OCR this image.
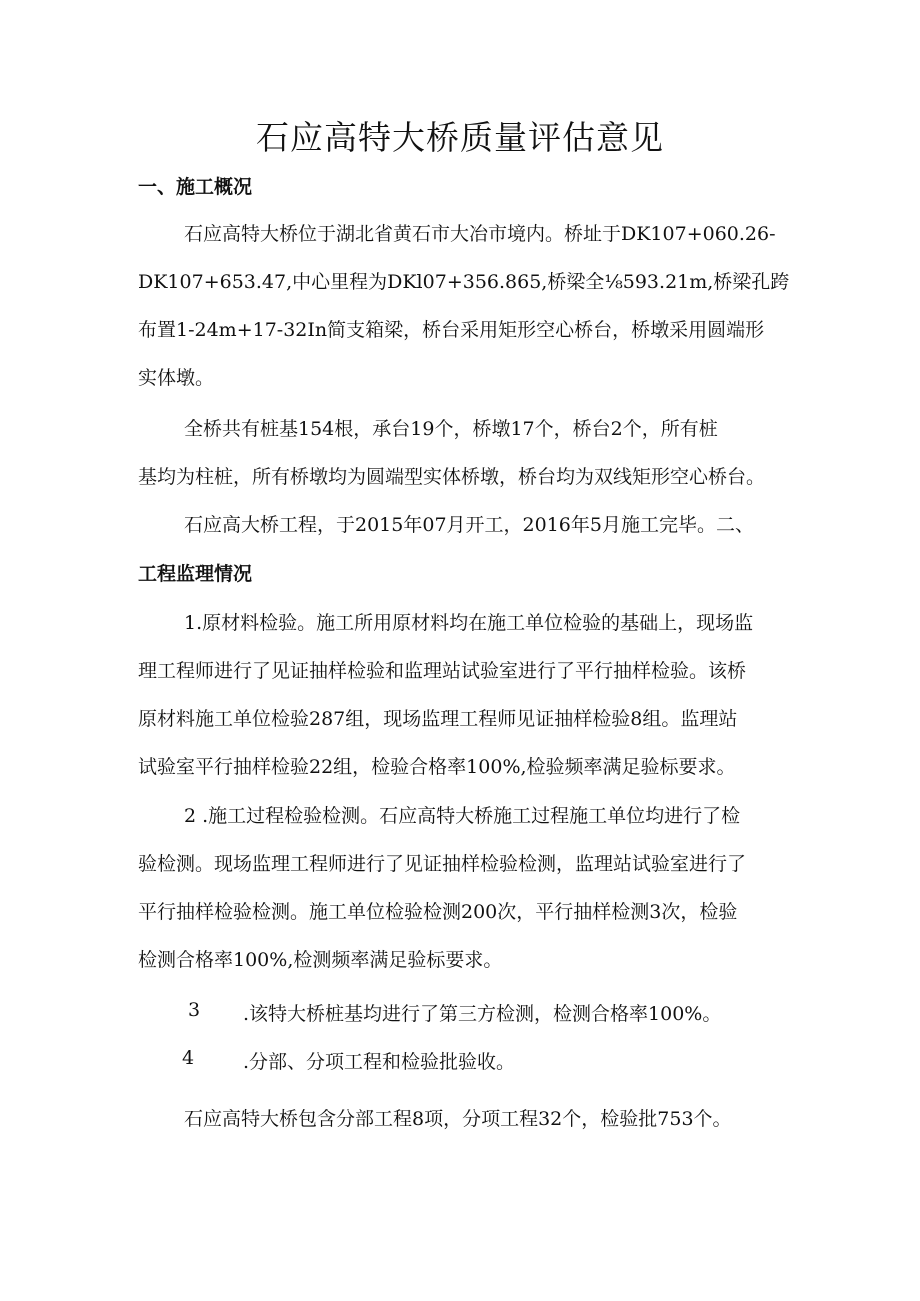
石应高特大桥质量评估意见
一、施工概况
石应高特大桥位于湖北省黄石市大冶市境内。桥址于DK107+060.26-
DK107+653.47,中心里程为DKl07+356.865,桥梁全⅛593.21m,桥梁孔跨
布置1-24m+17-32In简支箱梁，桥台采用矩形空心桥台，桥墩采用圆端形
实体墩。
全桥共有桩基154根，承台19个，桥墩17个，桥台2个，所有桩
基均为柱桩，所有桥墩均为圆端型实体桥墩，桥台均为双线矩形空心桥台。
石应高大桥工程，于2015年07月开工，2016年5月施工完毕。二、
工程监理情况
1.原材料检验。施工所用原材料均在施工单位检验的基础上，现场监
理工程师进行了见证抽样检验和监理站试验室进行了平行抽样检验。该桥
原材料施工单位检验287组，现场监理工程师见证抽样检验8组。监理站
试验室平行抽样检验22组，检验合格率100%,检验频率满足验标要求。
2 .施工过程检验检测。石应高特大桥施工过程施工单位均进行了检
验检测。现场监理工程师进行了见证抽样检验检测，监理站试验室进行了
平行抽样检验检测。施工单位检验检测200次，平行抽样检测3次，检验
检测合格率100%,检测频率满足验标要求。
3 .该特大桥桩基均进行了第三方检测，检测合格率100%。
4	.分部、分项工程和检验批验收。
石应高特大桥包含分部工程8项，分项工程32个，检验批753个。
